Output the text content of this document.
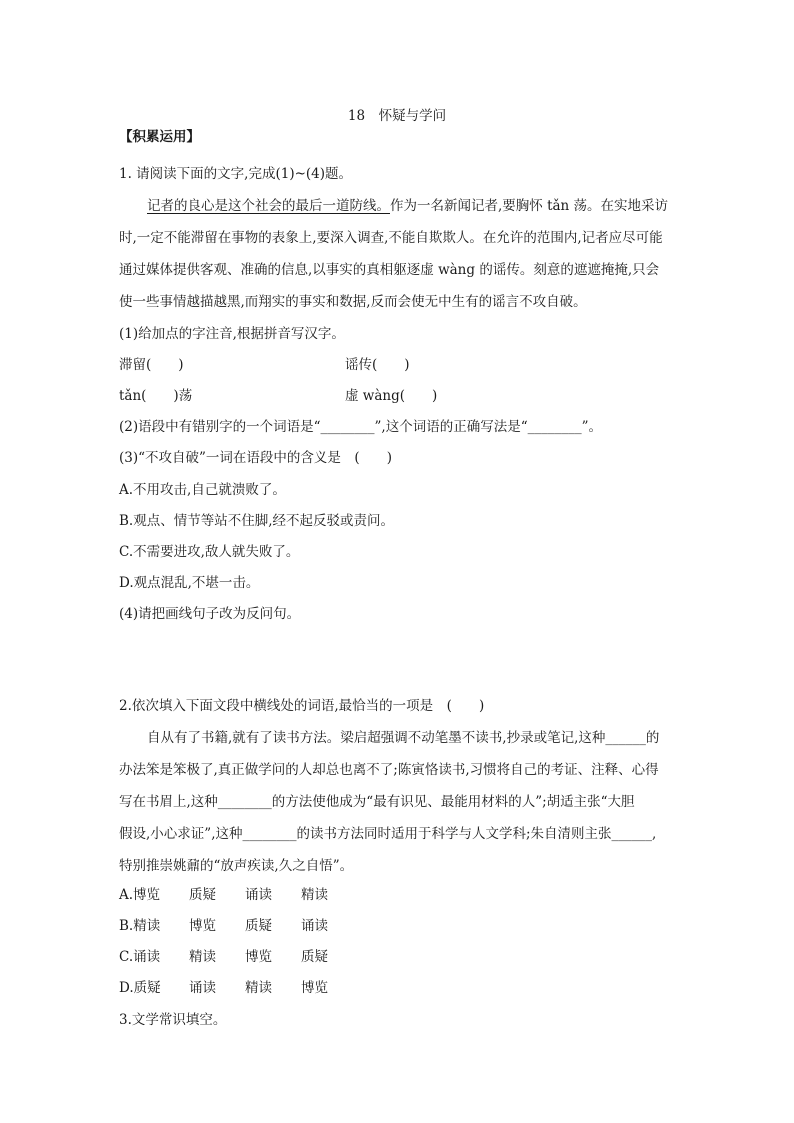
18　怀疑与学问
【积累运用】
1. 请阅读下面的文字,完成(1)~(4)题。
记者的良心是这个社会的最后一道防线。作为一名新闻记者,要胸怀 tǎn 荡。在实地采访
时,一定不能滞留在事物的表象上,要深入调查,不能自欺欺人。在允许的范围内,记者应尽可能
通过媒体提供客观、准确的信息,以事实的真相躯逐虚 wàng 的谣传。刻意的遮遮掩掩,只会
使一些事情越描越黑,而翔实的事实和数据,反而会使无中生有的谣言不攻自破。
(1)给加点的字注音,根据拼音写汉字。
滞留(　　)	谣传(　　)
tǎn(　　)荡	虚 wàng(　　)
(2)语段中有错别字的一个词语是“________”,这个词语的正确写法是“________”。
(3)“不攻自破”一词在语段中的含义是　(　　)
A.不用攻击,自己就溃败了。
B.观点、情节等站不住脚,经不起反驳或责问。
C.不需要进攻,敌人就失败了。
D.观点混乱,不堪一击。
(4)请把画线句子改为反问句。
2.依次填入下面文段中横线处的词语,最恰当的一项是　(　　)
自从有了书籍,就有了读书方法。梁启超强调不动笔墨不读书,抄录或笔记,这种______的
办法笨是笨极了,真正做学问的人却总也离不了;陈寅恪读书,习惯将自己的考证、注释、心得
写在书眉上,这种________的方法使他成为“最有识见、最能用材料的人”;胡适主张“大胆
假设,小心求证”,这种________的读书方法同时适用于科学与人文学科;朱自清则主张______,
特别推崇姚鼐的“放声疾读,久之自悟”。
A.博览 质疑 诵读 精读
B.精读 博览 质疑 诵读
C.诵读 精读 博览 质疑
D.质疑 诵读 精读 博览
3.文学常识填空。
